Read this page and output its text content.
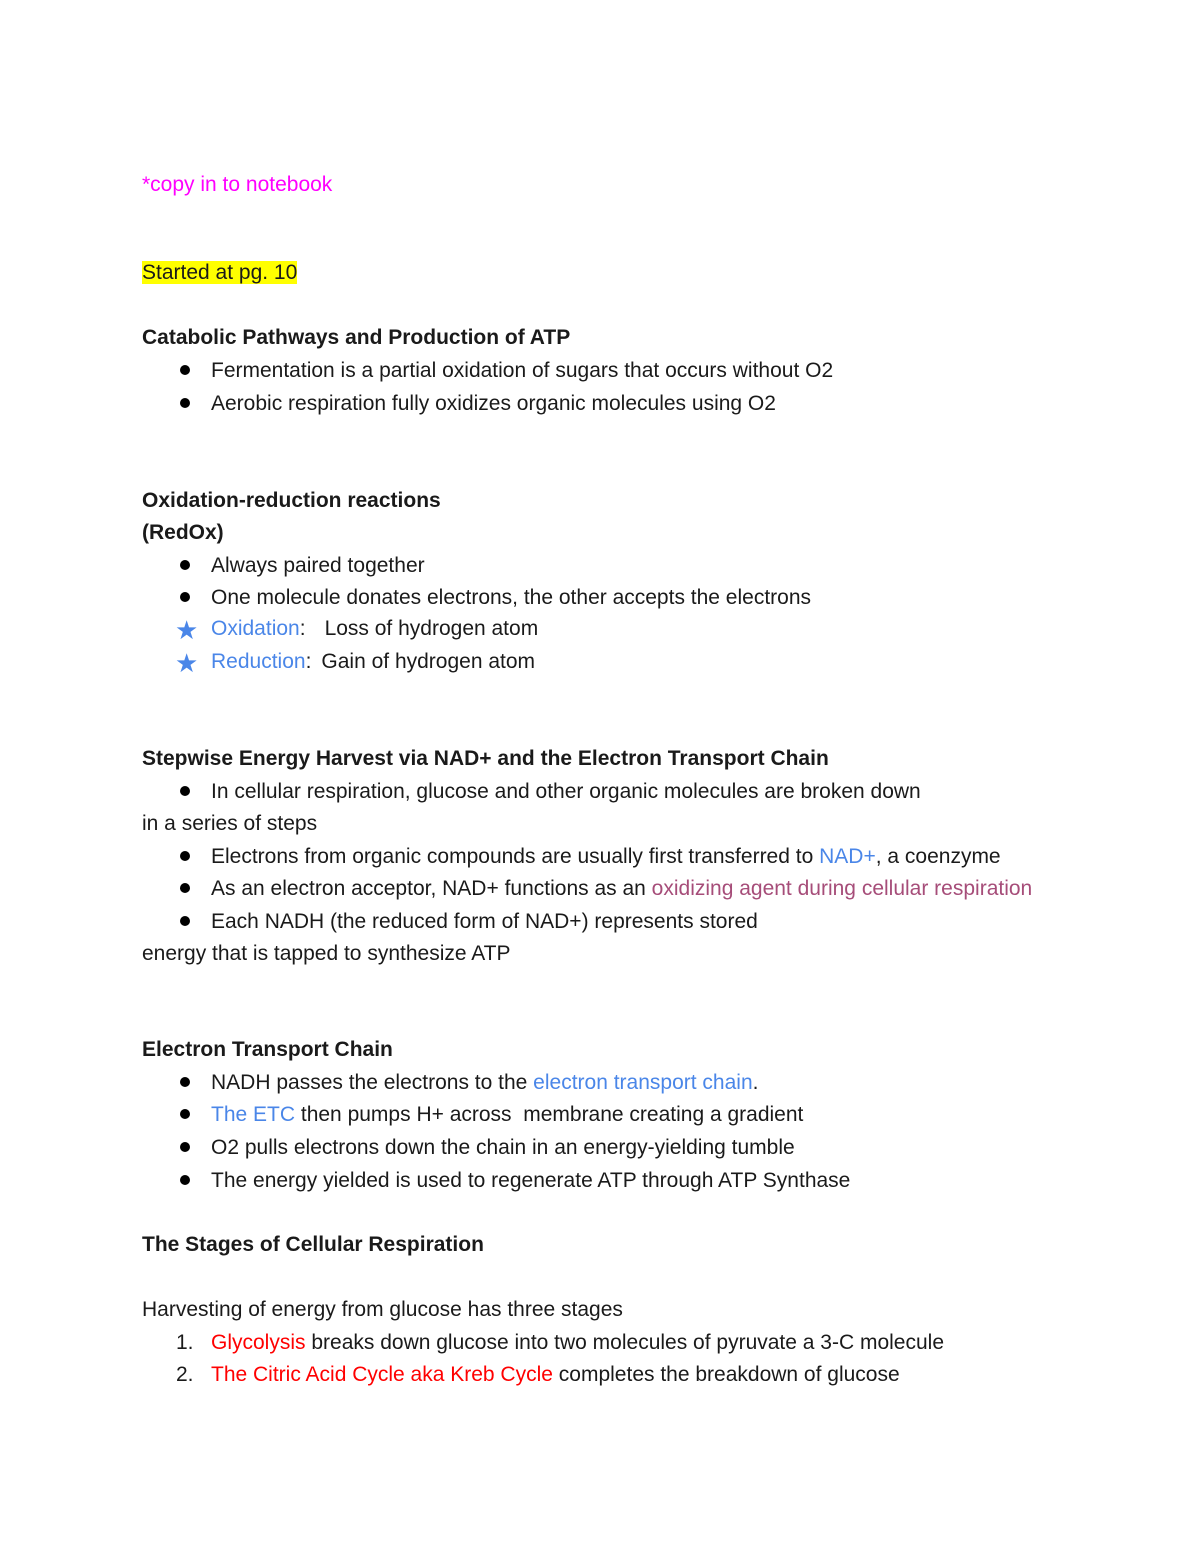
*copy in to notebook
Started at pg. 10
Catabolic Pathways and Production of ATP
Fermentation is a partial oxidation of sugars that occurs without O2
Aerobic respiration fully oxidizes organic molecules using O2
Oxidation-reduction reactions
(RedOx)
Always paired together
One molecule donates electrons, the other accepts the electrons
★ Oxidation: Loss of hydrogen atom
★ Reduction: Gain of hydrogen atom
Stepwise Energy Harvest via NAD+ and the Electron Transport Chain
In cellular respiration, glucose and other organic molecules are broken down
in a series of steps
Electrons from organic compounds are usually first transferred to NAD+, a coenzyme
As an electron acceptor, NAD+ functions as an oxidizing agent during cellular respiration
Each NADH (the reduced form of NAD+) represents stored
energy that is tapped to synthesize ATP
Electron Transport Chain
NADH passes the electrons to the electron transport chain.
The ETC then pumps H+ across  membrane creating a gradient
O2 pulls electrons down the chain in an energy-yielding tumble
The energy yielded is used to regenerate ATP through ATP Synthase
The Stages of Cellular Respiration
Harvesting of energy from glucose has three stages
1. Glycolysis breaks down glucose into two molecules of pyruvate a 3-C molecule
2. The Citric Acid Cycle aka Kreb Cycle completes the breakdown of glucose
